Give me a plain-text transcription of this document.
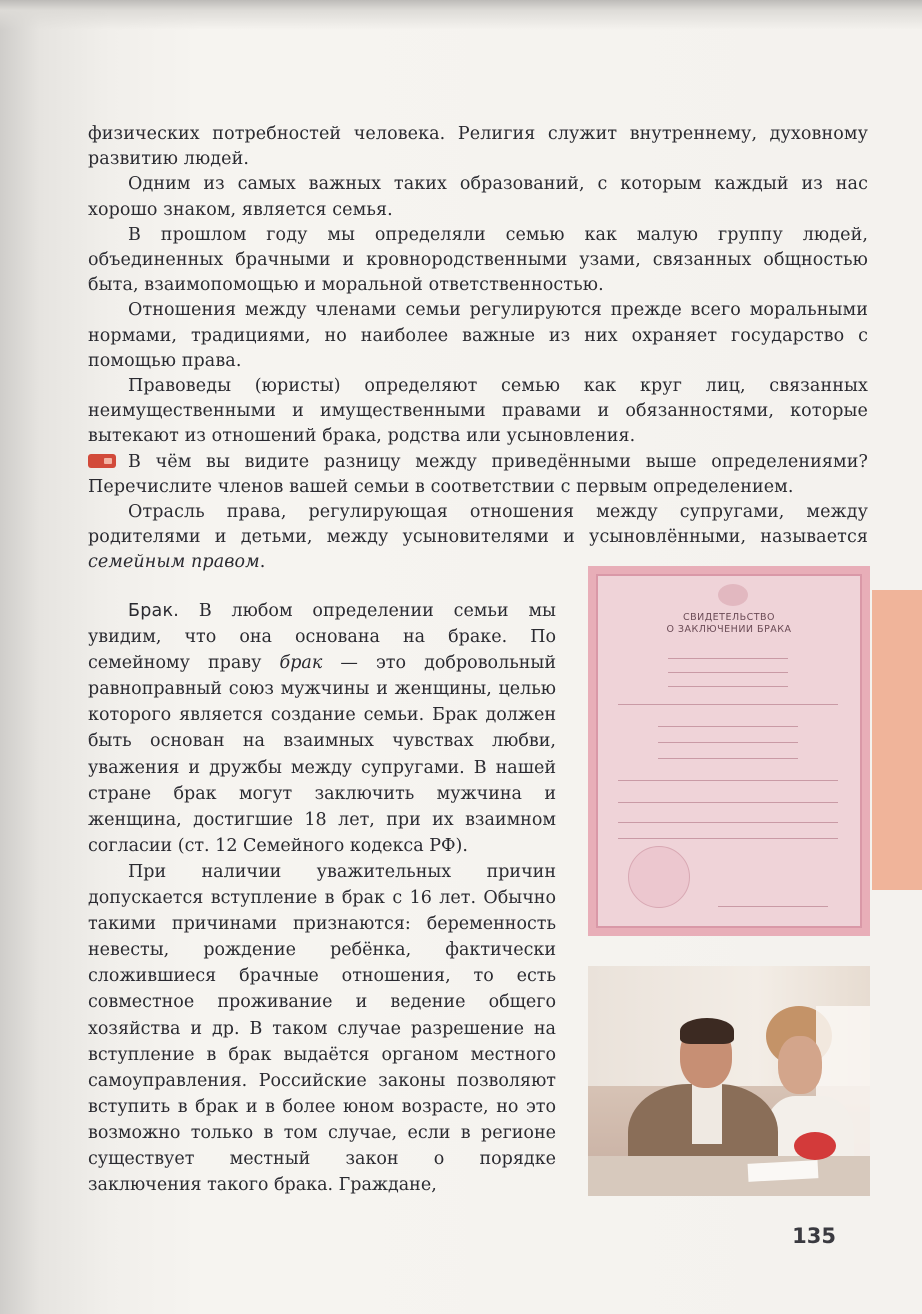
физических потребностей человека. Религия служит внутреннему, духовному развитию людей.

Одним из самых важных таких образований, с которым каждый из нас хорошо знаком, является семья.

В прошлом году мы определяли семью как малую группу людей, объединенных брачными и кровнородственными узами, связанных общностью быта, взаимопомощью и моральной ответственностью.

Отношения между членами семьи регулируются прежде всего моральными нормами, традициями, но наиболее важные из них охраняет государство с помощью права.

Правоведы (юристы) определяют семью как круг лиц, связанных неимущественными и имущественными правами и обязанностями, которые вытекают из отношений брака, родства или усыновления.

В чём вы видите разницу между приведёнными выше определениями? Перечислите членов вашей семьи в соответствии с первым определением.

Отрасль права, регулирующая отношения между супругами, между родителями и детьми, между усыновителями и усыновлёнными, называется семейным правом.

Брак. В любом определении семьи мы увидим, что она основана на браке. По семейному праву брак — это добровольный равноправный союз мужчины и женщины, целью которого является создание семьи. Брак должен быть основан на взаимных чувствах любви, уважения и дружбы между супругами. В нашей стране брак могут заключить мужчина и женщина, достигшие 18 лет, при их взаимном согласии (ст. 12 Семейного кодекса РФ).

При наличии уважительных причин допускается вступление в брак с 16 лет. Обычно такими причинами признаются: беременность невесты, рождение ребёнка, фактически сложившиеся брачные отношения, то есть совместное проживание и ведение общего хозяйства и др. В таком случае разрешение на вступление в брак выдаётся органом местного самоуправления. Российские законы позволяют вступить в брак и в более юном возрасте, но это возможно только в том случае, если в регионе существует местный закон о порядке заключения такого брака. Граждане,

СВИДЕТЕЛЬСТВО
О ЗАКЛЮЧЕНИИ БРАКА
135
